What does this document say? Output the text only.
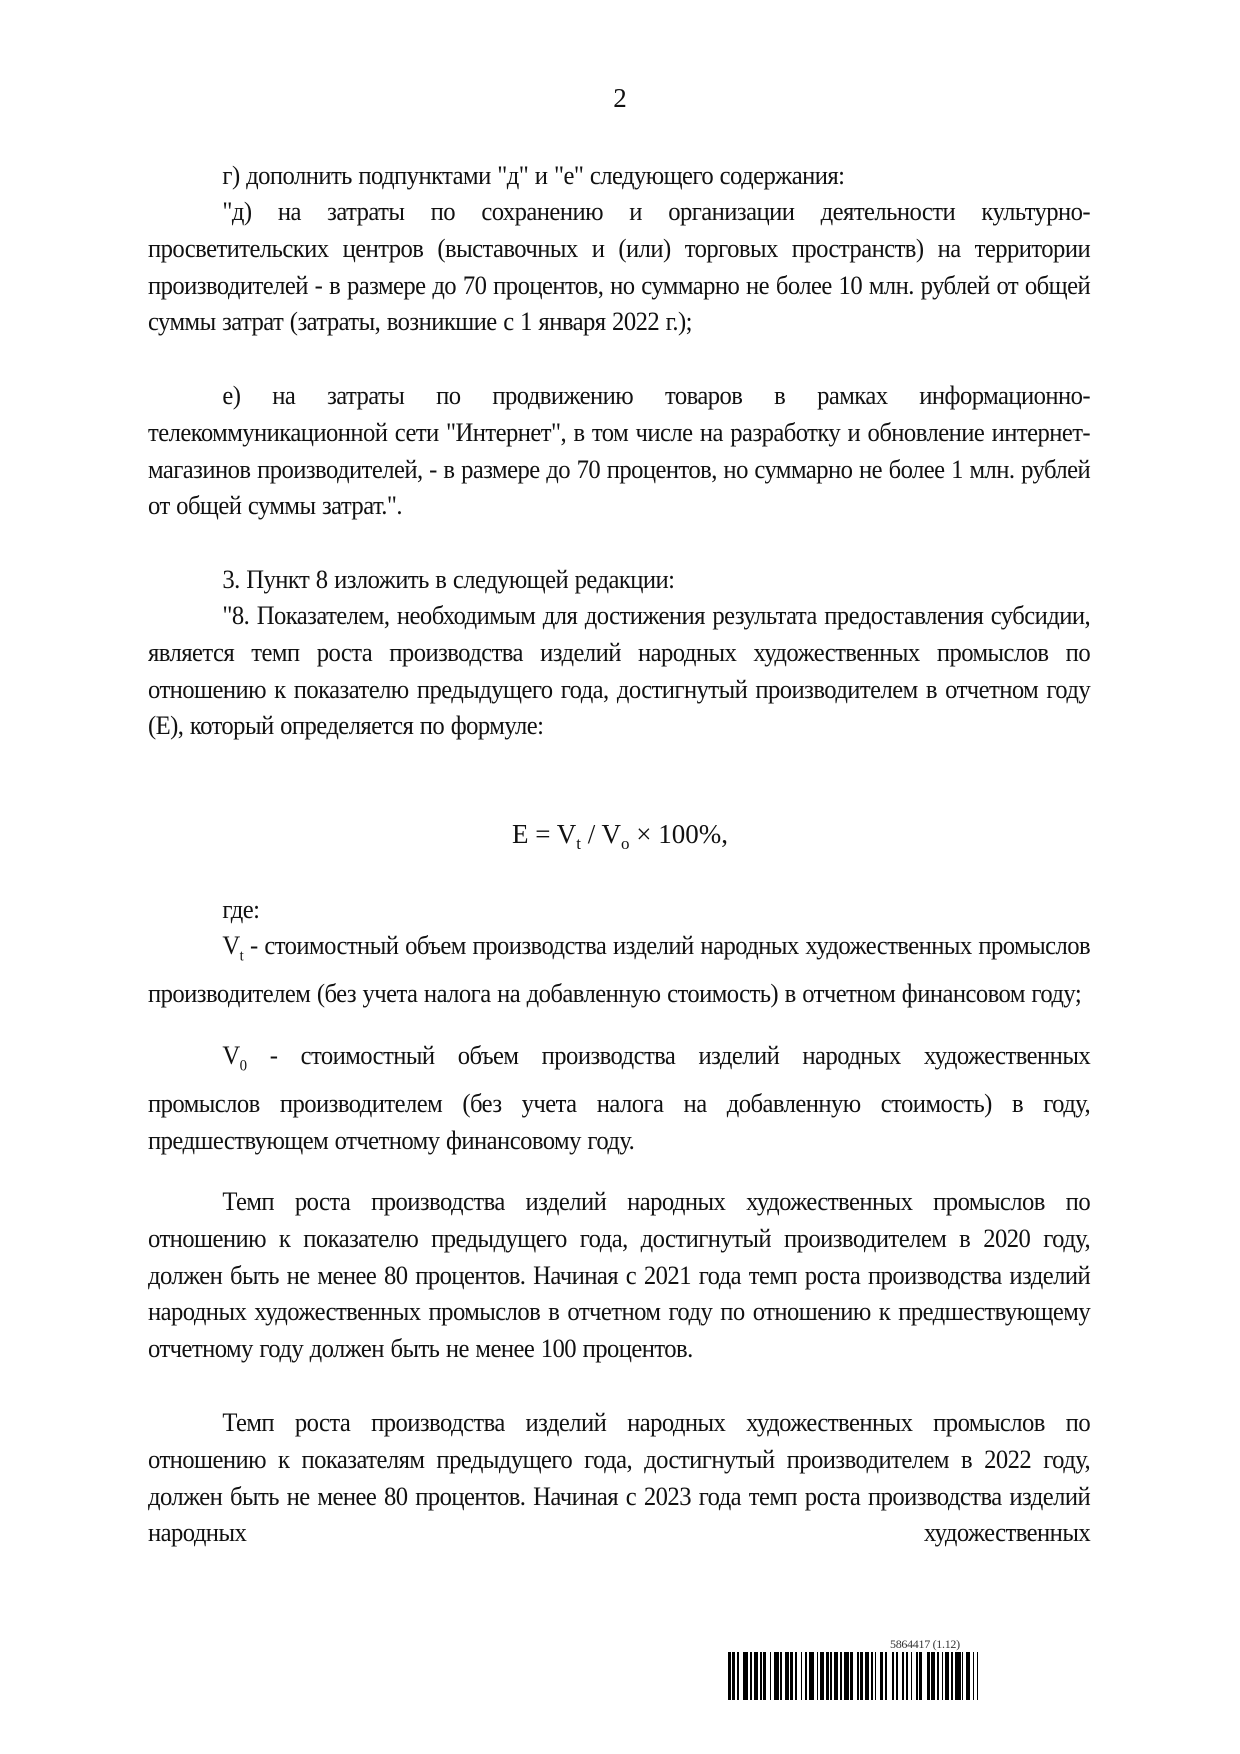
2
г) дополнить подпунктами "д" и "е" следующего содержания:
"д) на затраты по сохранению и организации деятельности культурно-просветительских центров (выставочных и (или) торговых пространств) на территории производителей - в размере до 70 процентов, но суммарно не более 10 млн. рублей от общей суммы затрат (затраты, возникшие с 1 января 2022 г.);
е) на затраты по продвижению товаров в рамках информационно-телекоммуникационной сети "Интернет", в том числе на разработку и обновление интернет-магазинов производителей, - в размере до 70 процентов, но суммарно не более 1 млн. рублей от общей суммы затрат.".
3. Пункт 8 изложить в следующей редакции:
"8. Показателем, необходимым для достижения результата предоставления субсидии, является темп роста производства изделий народных художественных промыслов по отношению к показателю предыдущего года, достигнутый производителем в отчетном году (E), который определяется по формуле:
$E = V_t / V_o \times 100\%$,
где:
$V_t$ - стоимостный объем производства изделий народных художественных промыслов производителем (без учета налога на добавленную стоимость) в отчетном финансовом году;
$V_0$ - стоимостный объем производства изделий народных художественных промыслов производителем (без учета налога на добавленную стоимость) в году, предшествующем отчетному финансовому году.
Темп роста производства изделий народных художественных промыслов по отношению к показателю предыдущего года, достигнутый производителем в 2020 году, должен быть не менее 80 процентов. Начиная с 2021 года темп роста производства изделий народных художественных промыслов в отчетном году по отношению к предшествующему отчетному году должен быть не менее 100 процентов.
Темп роста производства изделий народных художественных промыслов по отношению к показателям предыдущего года, достигнутый производителем в 2022 году, должен быть не менее 80 процентов. Начиная с 2023 года темп роста производства изделий народных художественных
5864417 (1.12)
